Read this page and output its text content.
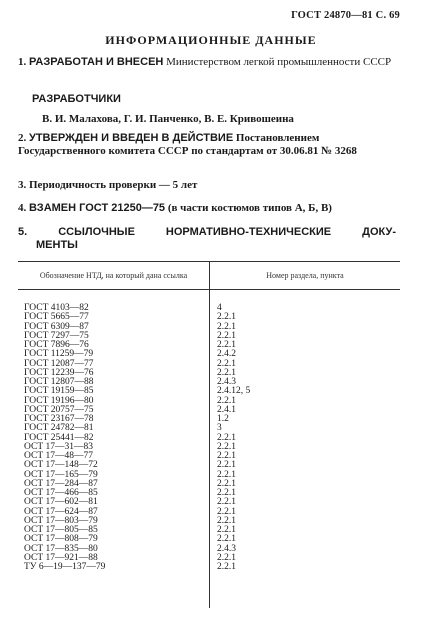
ГОСТ 24870—81 С. 69
ИНФОРМАЦИОННЫЕ ДАННЫЕ
1. РАЗРАБОТАН И ВНЕСЕН Министерством легкой промышленности СССР
РАЗРАБОТЧИКИ
В. И. Малахова, Г. И. Панченко, В. Е. Кривошеина
2. УТВЕРЖДЕН И ВВЕДЕН В ДЕЙСТВИЕ Постановлением Государственного комитета СССР по стандартам от 30.06.81 № 3268
3. Периодичность проверки — 5 лет
4. ВЗАМЕН ГОСТ 21250—75 (в части костюмов типов А, Б, В)
5.	ССЫЛОЧНЫЕ НОРМАТИВНО-ТЕХНИЧЕСКИЕ ДОКУ-
МЕНТЫ
Обозначение НТД, на который дана ссылка	Номер раздела, пункта
ГОСТ 4103—82	4
ГОСТ 5665—77	2.2.1
ГОСТ 6309—87	2.2.1
ГОСТ 7297—75	2.2.1
ГОСТ 7896—76	2.2.1
ГОСТ 11259—79	2.4.2
ГОСТ 12087—77	2.2.1
ГОСТ 12239—76	2.2.1
ГОСТ 12807—88	2.4.3
ГОСТ 19159—85	2.4.12, 5
ГОСТ 19196—80	2.2.1
ГОСТ 20757—75	2.4.1
ГОСТ 23167—78	1.2
ГОСТ 24782—81	3
ГОСТ 25441—82	2.2.1
ОСТ 17—31—83	2.2.1
ОСТ 17—48—77	2.2.1
ОСТ 17—148—72	2.2.1
ОСТ 17—165—79	2.2.1
ОСТ 17—284—87	2.2.1
ОСТ 17—466—85	2.2.1
ОСТ 17—602—81	2.2.1
ОСТ 17—624—87	2.2.1
ОСТ 17—803—79	2.2.1
ОСТ 17—805—85	2.2.1
ОСТ 17—808—79	2.2.1
ОСТ 17—835—80	2.4.3
ОСТ 17—921—88	2.2.1
ТУ 6—19—137—79	2.2.1
